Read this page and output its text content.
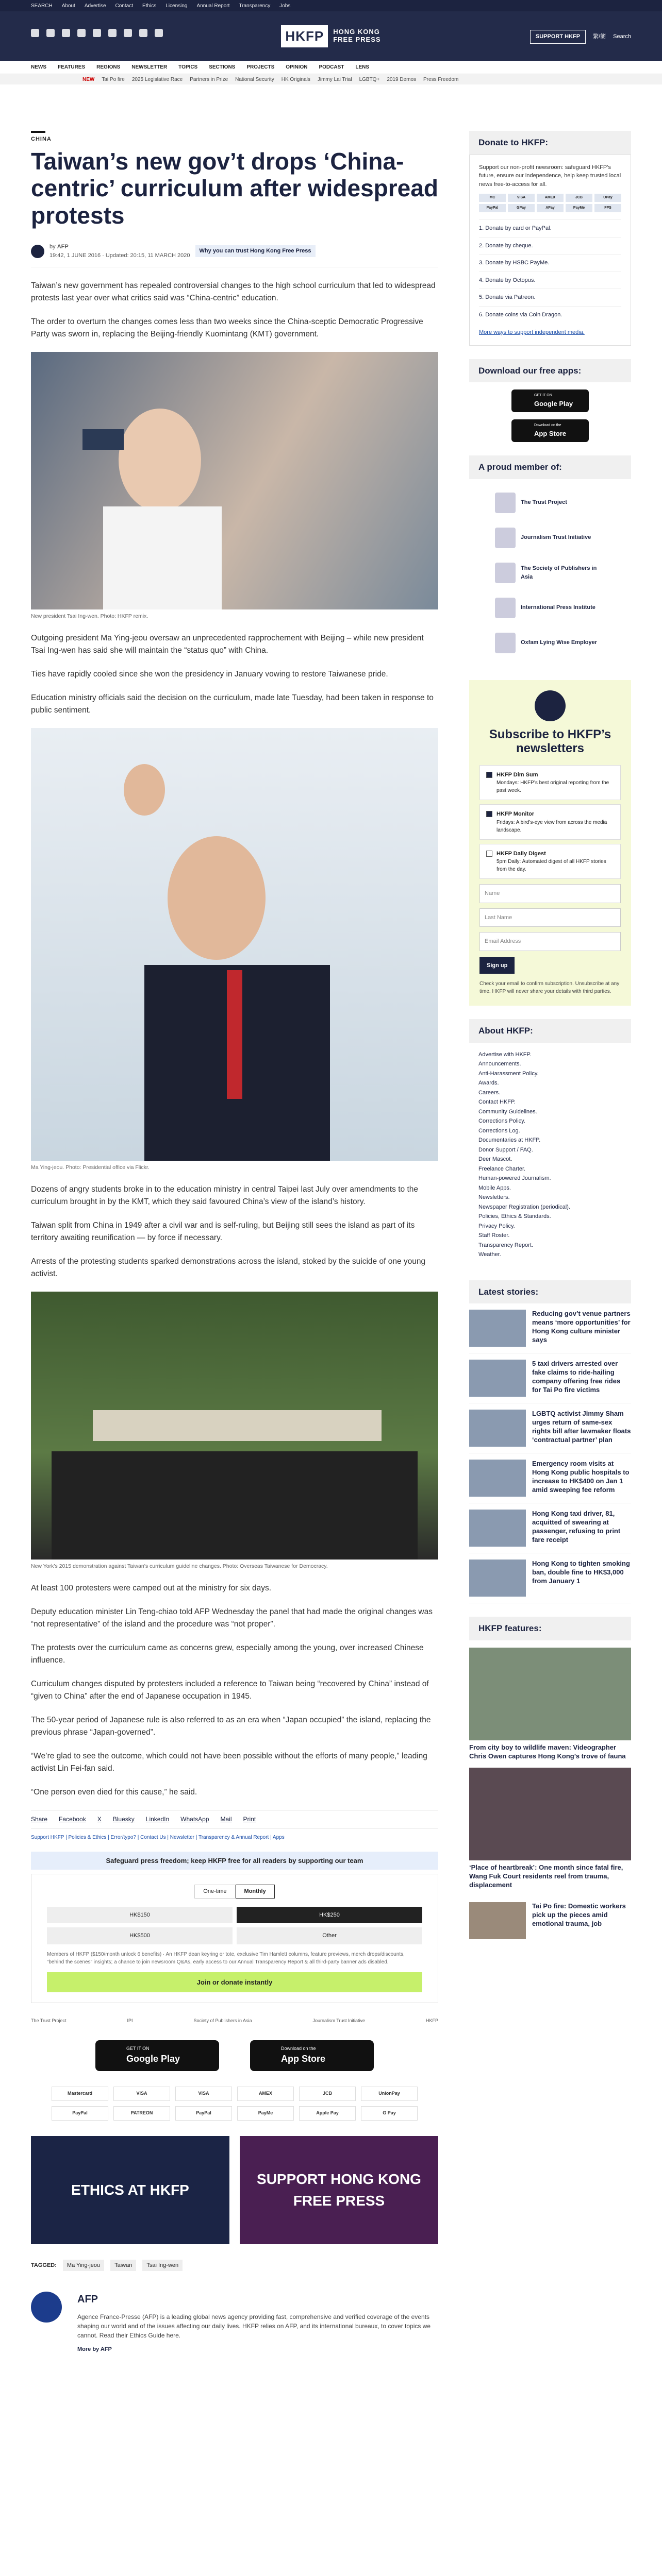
SEARCH About Advertise Contact Ethics Licensing Annual Report Transparency Jobs
HKFP	HONG KONG
FREE PRESS	SUPPORT HKFP	繁/簡 Search
NEWS FEATURES REGIONS NEWSLETTER TOPICS SECTIONS PROJECTS OPINION PODCAST LENS
NEW Tai Po fire 2025 Legislative Race Partners in Prize National Security HK Originals Jimmy Lai Trial LGBTQ+ 2019 Demos Press Freedom
CHINA
Taiwan’s new gov’t drops ‘China-centric’ curriculum after widespread protests
by AFP
19:42, 1 JUNE 2016 · Updated: 20:15, 11 MARCH 2020
Why you can trust Hong Kong Free Press

Taiwan’s new government has repealed controversial changes to the high school curriculum that led to widespread protests last year over what critics said was “China-centric” education.

The order to overturn the changes comes less than two weeks since the China-sceptic Democratic Progressive Party was sworn in, replacing the Beijing-friendly Kuomintang (KMT) government.

New president Tsai Ing-wen. Photo: HKFP remix.

Outgoing president Ma Ying-jeou oversaw an unprecedented rapprochement with Beijing – while new president Tsai Ing-wen has said she will maintain the “status quo” with China.

Ties have rapidly cooled since she won the presidency in January vowing to restore Taiwanese pride.

Education ministry officials said the decision on the curriculum, made late Tuesday, had been taken in response to public sentiment.

Ma Ying-jeou. Photo: Presidential office via Flickr.

Dozens of angry students broke in to the education ministry in central Taipei last July over amendments to the curriculum brought in by the KMT, which they said favoured China’s view of the island’s history.

Taiwan split from China in 1949 after a civil war and is self-ruling, but Beijing still sees the island as part of its territory awaiting reunification — by force if necessary.

Arrests of the protesting students sparked demonstrations across the island, stoked by the suicide of one young activist.

New York’s 2015 demonstration against Taiwan’s curriculum guideline changes. Photo: Overseas Taiwanese for Democracy.

At least 100 protesters were camped out at the ministry for six days.

Deputy education minister Lin Teng-chiao told AFP Wednesday the panel that had made the original changes was “not representative” of the island and the procedure was “not proper”.

The protests over the curriculum came as concerns grew, especially among the young, over increased Chinese influence.

Curriculum changes disputed by protesters included a reference to Taiwan being “recovered by China” instead of “given to China” after the end of Japanese occupation in 1945.

The 50-year period of Japanese rule is also referred to as an era when “Japan occupied” the island, replacing the previous phrase “Japan-governed”.

“We’re glad to see the outcome, which could not have been possible without the efforts of many people,” leading activist Lin Fei-fan said.

“One person even died for this cause,” he said.

Share Facebook X Bluesky LinkedIn WhatsApp Mail Print
Support HKFP | Policies & Ethics | Error/typo? | Contact Us | Newsletter | Transparency & Annual Report | Apps
Safeguard press freedom; keep HKFP free for all readers by supporting our team
One-time	Monthly
HK$150	HK$250
HK$500	Other
Members of HKFP ($150/month unlock 6 benefits) · An HKFP dean keyring or tote, exclusive Tim Hamlett columns, feature previews, merch drops/discounts, “behind the scenes” insights; a chance to join newsroom Q&As, early access to our Annual Transparency Report & all third-party banner ads disabled.
Join or donate instantly
The Trust Project	IPI	Society of Publishers in Asia	Journalism Trust Initiative	HKFP
GET IT ON
Google Play
Download on the
App Store
Mastercard	VISA	VISA	AMEX	JCB	UnionPay
PayPal	PATREON	PayPal	PayMe	Apple Pay	G Pay
ETHICS AT HKFP
SUPPORT HONG KONG FREE PRESS
TAGGED:	Ma Ying-jeou	Taiwan	Tsai Ing-wen
AFP

Agence France-Presse (AFP) is a leading global news agency providing fast, comprehensive and verified coverage of the events shaping our world and of the issues affecting our daily lives. HKFP relies on AFP, and its international bureaux, to cover topics we cannot. Read their Ethics Guide here.

More by AFP
Donate to HKFP:

Support our non-profit newsroom: safeguard HKFP’s future, ensure our independence, help keep trusted local news free-to-access for all.

MC	VISA	AMEX	JCB	UPay
PayPal	GPay	APay	PayMe	FPS
1. Donate by card or PayPal.
2. Donate by cheque.
3. Donate by HSBC PayMe.
4. Donate by Octopus.
5. Donate via Patreon.
6. Donate coins via Coin Dragon.
More ways to support independent media.
Download our free apps:
GET IT ON
Google Play
Download on the
App Store
A proud member of:
The Trust Project
Journalism Trust Initiative
The Society of Publishers in Asia
International Press Institute
Oxfam Lying Wise Employer
Subscribe to HKFP’s newsletters
HKFP Dim Sum
Mondays: HKFP’s best original reporting from the past week.
HKFP Monitor
Fridays: A bird’s-eye view from across the media landscape.
HKFP Daily Digest
5pm Daily: Automated digest of all HKFP stories from the day.
Name
Last Name
Email Address
Sign up
Check your email to confirm subscription. Unsubscribe at any time. HKFP will never share your details with third parties.
About HKFP:
Advertise with HKFP.
Announcements.
Anti-Harassment Policy.
Awards.
Careers.
Contact HKFP.
Community Guidelines.
Corrections Policy.
Corrections Log.
Documentaries at HKFP.
Donor Support / FAQ.
Deer Mascot.
Freelance Charter.
Human-powered Journalism.
Mobile Apps.
Newsletters.
Newspaper Registration (periodical).
Policies, Ethics & Standards.
Privacy Policy.
Staff Roster.
Transparency Report.
Weather.
Latest stories:
Reducing gov’t venue partners means ‘more opportunities’ for Hong Kong culture minister says
5 taxi drivers arrested over fake claims to ride-hailing company offering free rides for Tai Po fire victims
LGBTQ activist Jimmy Sham urges return of same-sex rights bill after lawmaker floats ‘contractual partner’ plan
Emergency room visits at Hong Kong public hospitals to increase to HK$400 on Jan 1 amid sweeping fee reform
Hong Kong taxi driver, 81, acquitted of swearing at passenger, refusing to print fare receipt
Hong Kong to tighten smoking ban, double fine to HK$3,000 from January 1
HKFP features:
From city boy to wildlife maven: Videographer Chris Owen captures Hong Kong’s trove of fauna
‘Place of heartbreak’: One month since fatal fire, Wang Fuk Court residents reel from trauma, displacement
Tai Po fire: Domestic workers pick up the pieces amid emotional trauma, job
